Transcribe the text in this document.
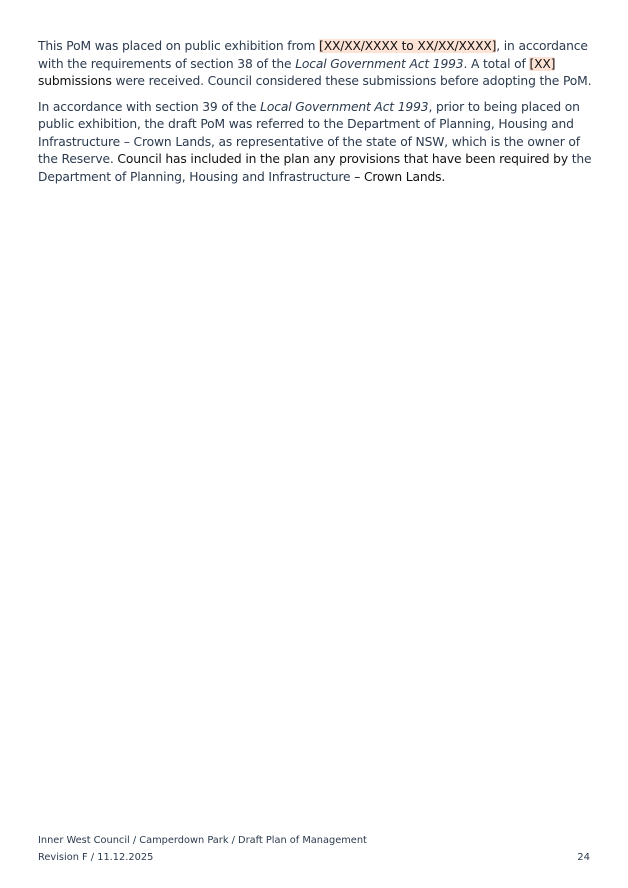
This PoM was placed on public exhibition from [XX/XX/XXXX to XX/XX/XXXX], in accordance with the requirements of section 38 of the Local Government Act 1993. A total of [XX] submissions were received. Council considered these submissions before adopting the PoM.

In accordance with section 39 of the Local Government Act 1993, prior to being placed on public exhibition, the draft PoM was referred to the Department of Planning, Housing and Infrastructure – Crown Lands, as representative of the state of NSW, which is the owner of the Reserve. Council has included in the plan any provisions that have been required by the Department of Planning, Housing and Infrastructure – Crown Lands.

Inner West Council / Camperdown Park / Draft Plan of Management
Revision F / 11.12.2025	24
